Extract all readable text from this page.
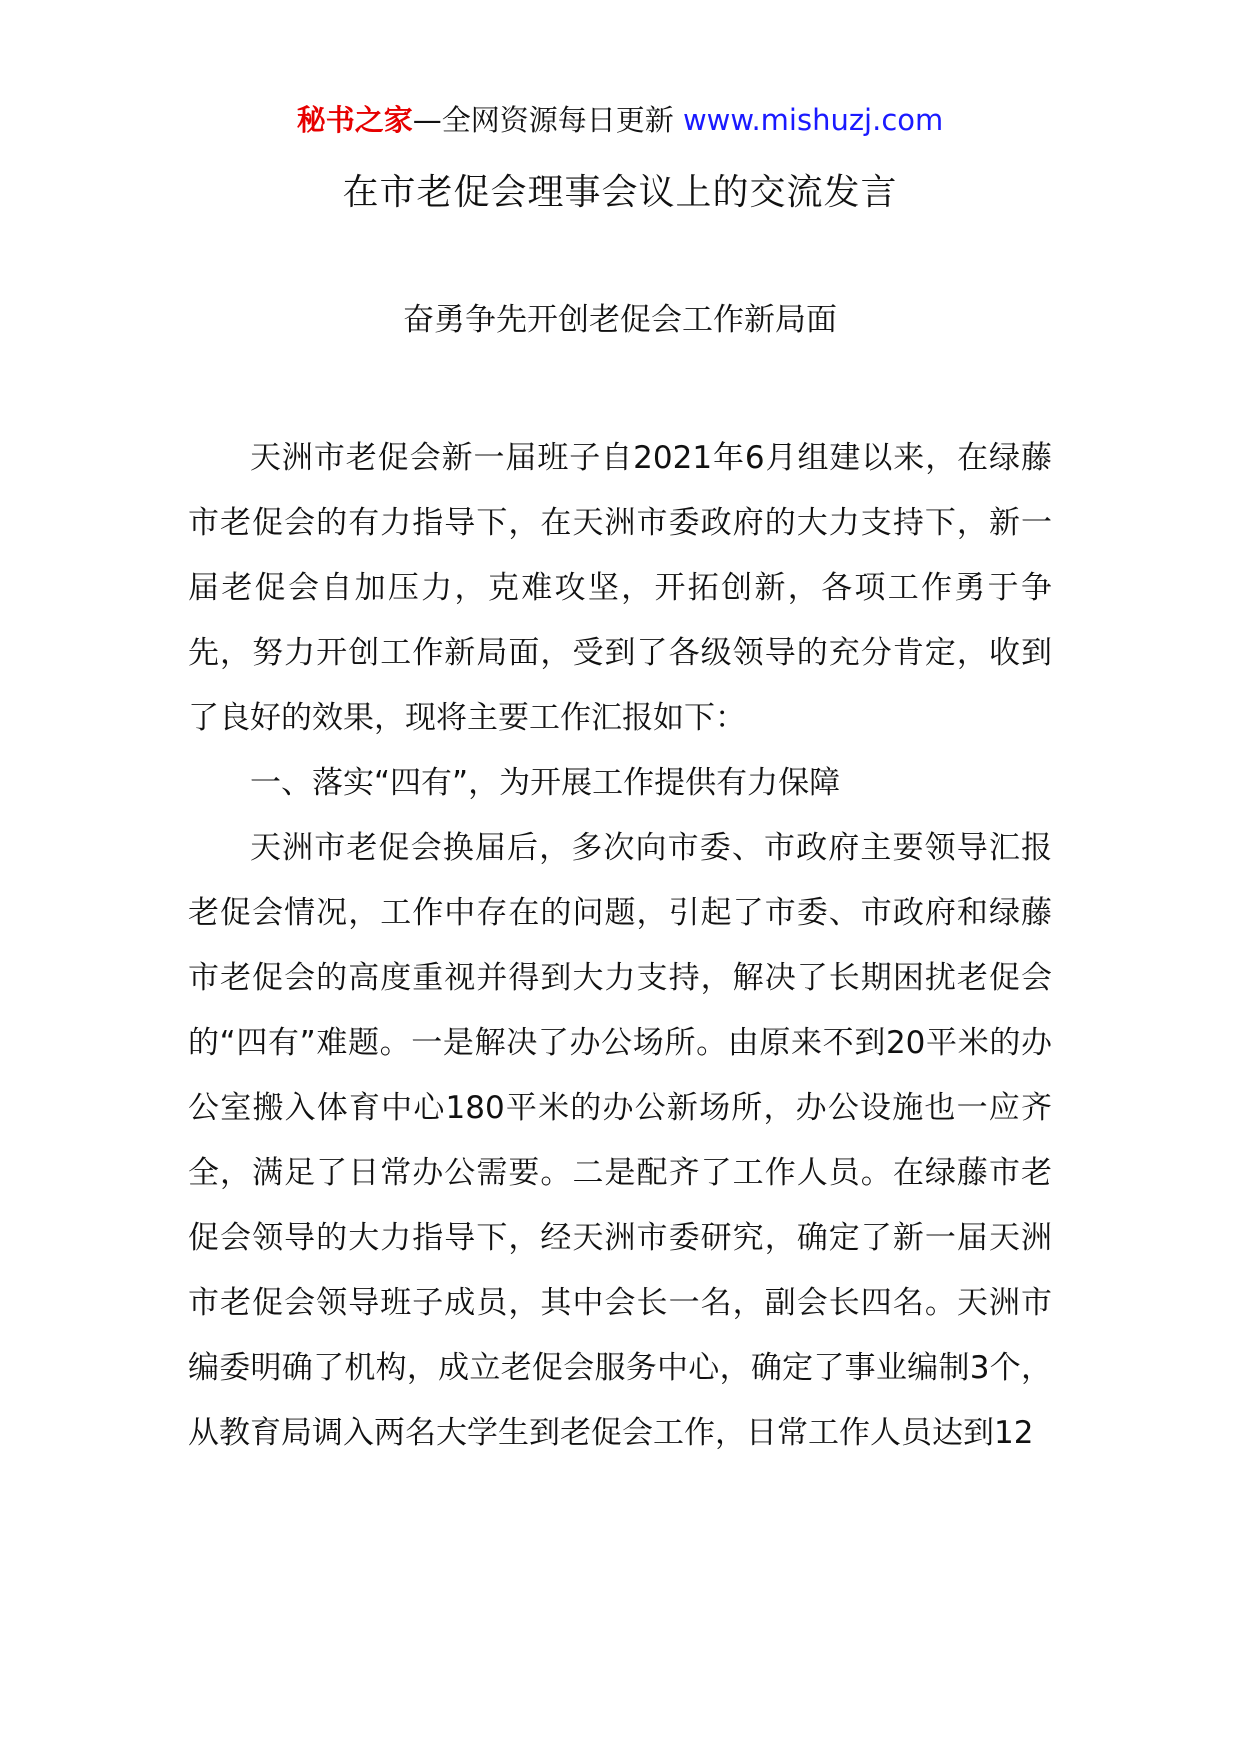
秘书之家—全网资源每日更新 www.mishuzj.com
在市老促会理事会议上的交流发言
奋勇争先开创老促会工作新局面

天洲市老促会新一届班子自2021年6月组建以来，在绿藤市老促会的有力指导下，在天洲市委政府的大力支持下，新一届老促会自加压力，克难攻坚，开拓创新，各项工作勇于争先，努力开创工作新局面，受到了各级领导的充分肯定，收到了良好的效果，现将主要工作汇报如下：

一、落实“四有”，为开展工作提供有力保障

天洲市老促会换届后，多次向市委、市政府主要领导汇报老促会情况，工作中存在的问题，引起了市委、市政府和绿藤市老促会的高度重视并得到大力支持，解决了长期困扰老促会的“四有”难题。一是解决了办公场所。由原来不到20平米的办公室搬入体育中心180平米的办公新场所，办公设施也一应齐全，满足了日常办公需要。二是配齐了工作人员。在绿藤市老促会领导的大力指导下，经天洲市委研究，确定了新一届天洲市老促会领导班子成员，其中会长一名，副会长四名。天洲市编委明确了机构，成立老促会服务中心，确定了事业编制3个，从教育局调入两名大学生到老促会工作，日常工作人员达到12
